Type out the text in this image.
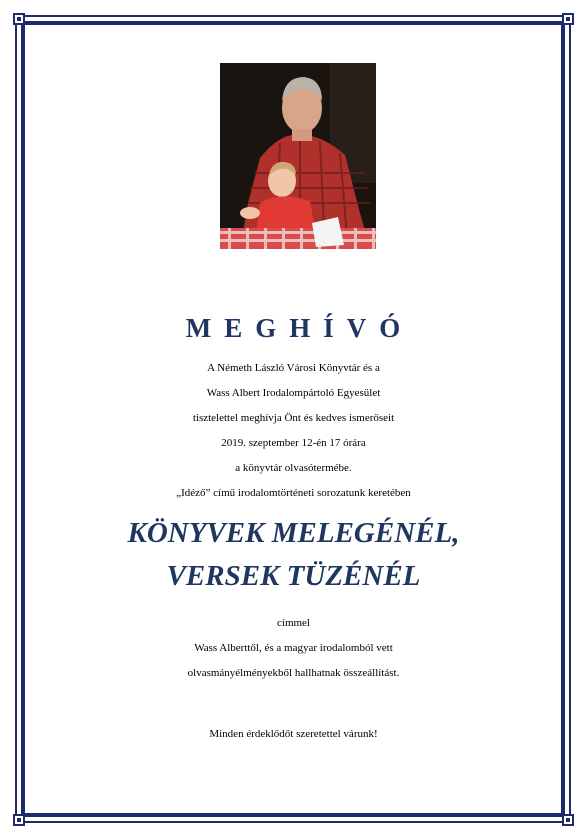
MEGHÍVÓ

A Németh László Városi Könyvtár és a

Wass Albert Irodalompártoló Egyesület

tisztelettel meghívja Önt és kedves ismerőseit

2019. szeptember 12-én 17 órára

a könyvtár olvasótermébe.

„Idéző” című irodalomtörténeti sorozatunk keretében

KÖNYVEK MELEGÉNÉL,

VERSEK TÜZÉNÉL

címmel

Wass Alberttől, és a magyar irodalomból vett

olvasmányélményekből hallhatnak összeállítást.

Minden érdeklődőt szeretettel várunk!
